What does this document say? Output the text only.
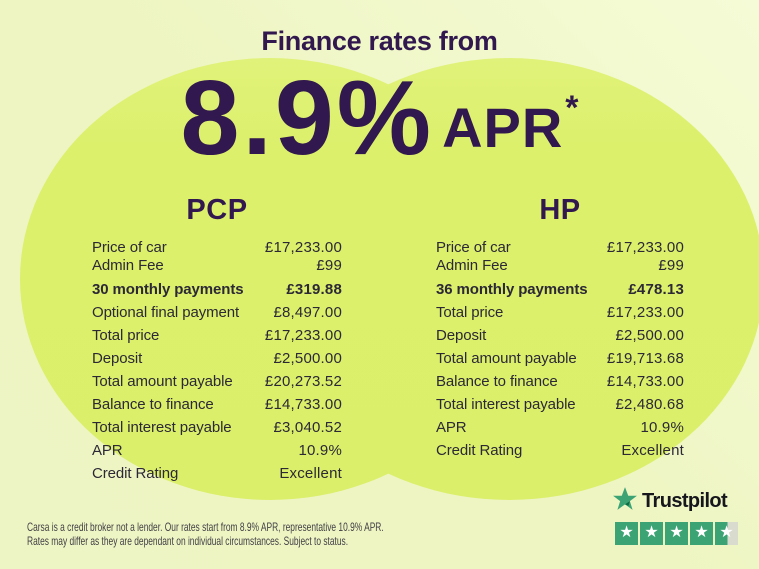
Finance rates from
8.9% APR *
PCP
Price of car	£17,233.00
Admin Fee	£99
30 monthly payments	£319.88
Optional final payment £8,497.00
Total price	£17,233.00
Deposit	£2,500.00
Total amount payable £20,273.52
Balance to finance	£14,733.00
Total interest payable	£3,040.52
APR	10.9%
Credit Rating	Excellent
HP
Price of car	£17,233.00
Admin Fee	£99
36 monthly payments	£478.13
Total price	£17,233.00
Deposit	£2,500.00
Total amount payable £19,713.68
Balance to finance	£14,733.00
Total interest payable	£2,480.68
APR	10.9%
Credit Rating	Excellent
Carsa is a credit broker not a lender. Our rates start from 8.9% APR, representative 10.9% APR.
Rates may differ as they are dependant on individual circumstances. Subject to status.
Trustpilot
★ ★ ★ ★ ★
